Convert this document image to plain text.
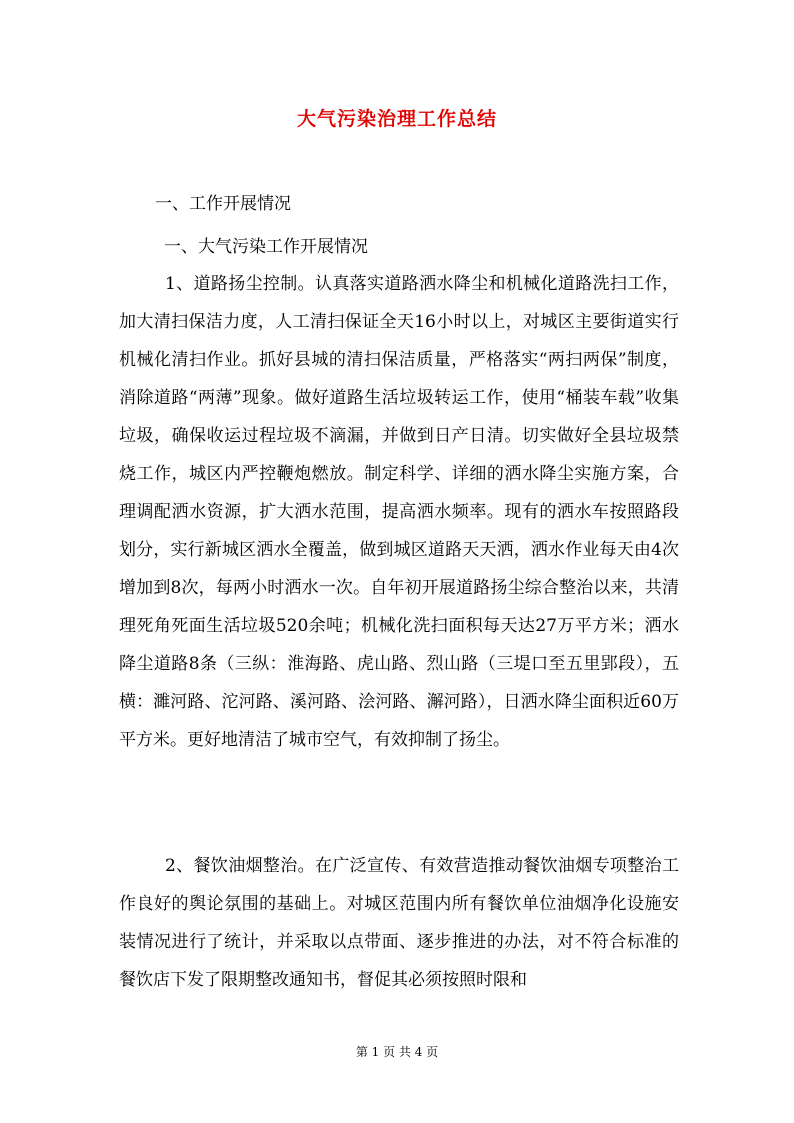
大气污染治理工作总结
一、工作开展情况
一、大气污染工作开展情况
1、道路扬尘控制。认真落实道路洒水降尘和机械化道路洗扫工作，加大清扫保洁力度，人工清扫保证全天16小时以上，对城区主要街道实行机械化清扫作业。抓好县城的清扫保洁质量，严格落实“两扫两保”制度，消除道路“两薄”现象。做好道路生活垃圾转运工作，使用“桶装车载”收集垃圾，确保收运过程垃圾不滴漏，并做到日产日清。切实做好全县垃圾禁烧工作，城区内严控鞭炮燃放。制定科学、详细的洒水降尘实施方案，合理调配洒水资源，扩大洒水范围，提高洒水频率。现有的洒水车按照路段划分，实行新城区洒水全覆盖，做到城区道路天天洒，洒水作业每天由4次增加到8次，每两小时洒水一次。自年初开展道路扬尘综合整治以来，共清理死角死面生活垃圾520余吨；机械化洗扫面积每天达27万平方米；洒水降尘道路8条（三纵：淮海路、虎山路、烈山路（三堤口至五里郢段），五横：濉河路、沱河路、溪河路、浍河路、澥河路），日洒水降尘面积近60万平方米。更好地清洁了城市空气，有效抑制了扬尘。
2、餐饮油烟整治。在广泛宣传、有效营造推动餐饮油烟专项整治工作良好的舆论氛围的基础上。对城区范围内所有餐饮单位油烟净化设施安装情况进行了统计，并采取以点带面、逐步推进的办法，对不符合标准的餐饮店下发了限期整改通知书，督促其必须按照时限和
第 1 页 共 4 页
